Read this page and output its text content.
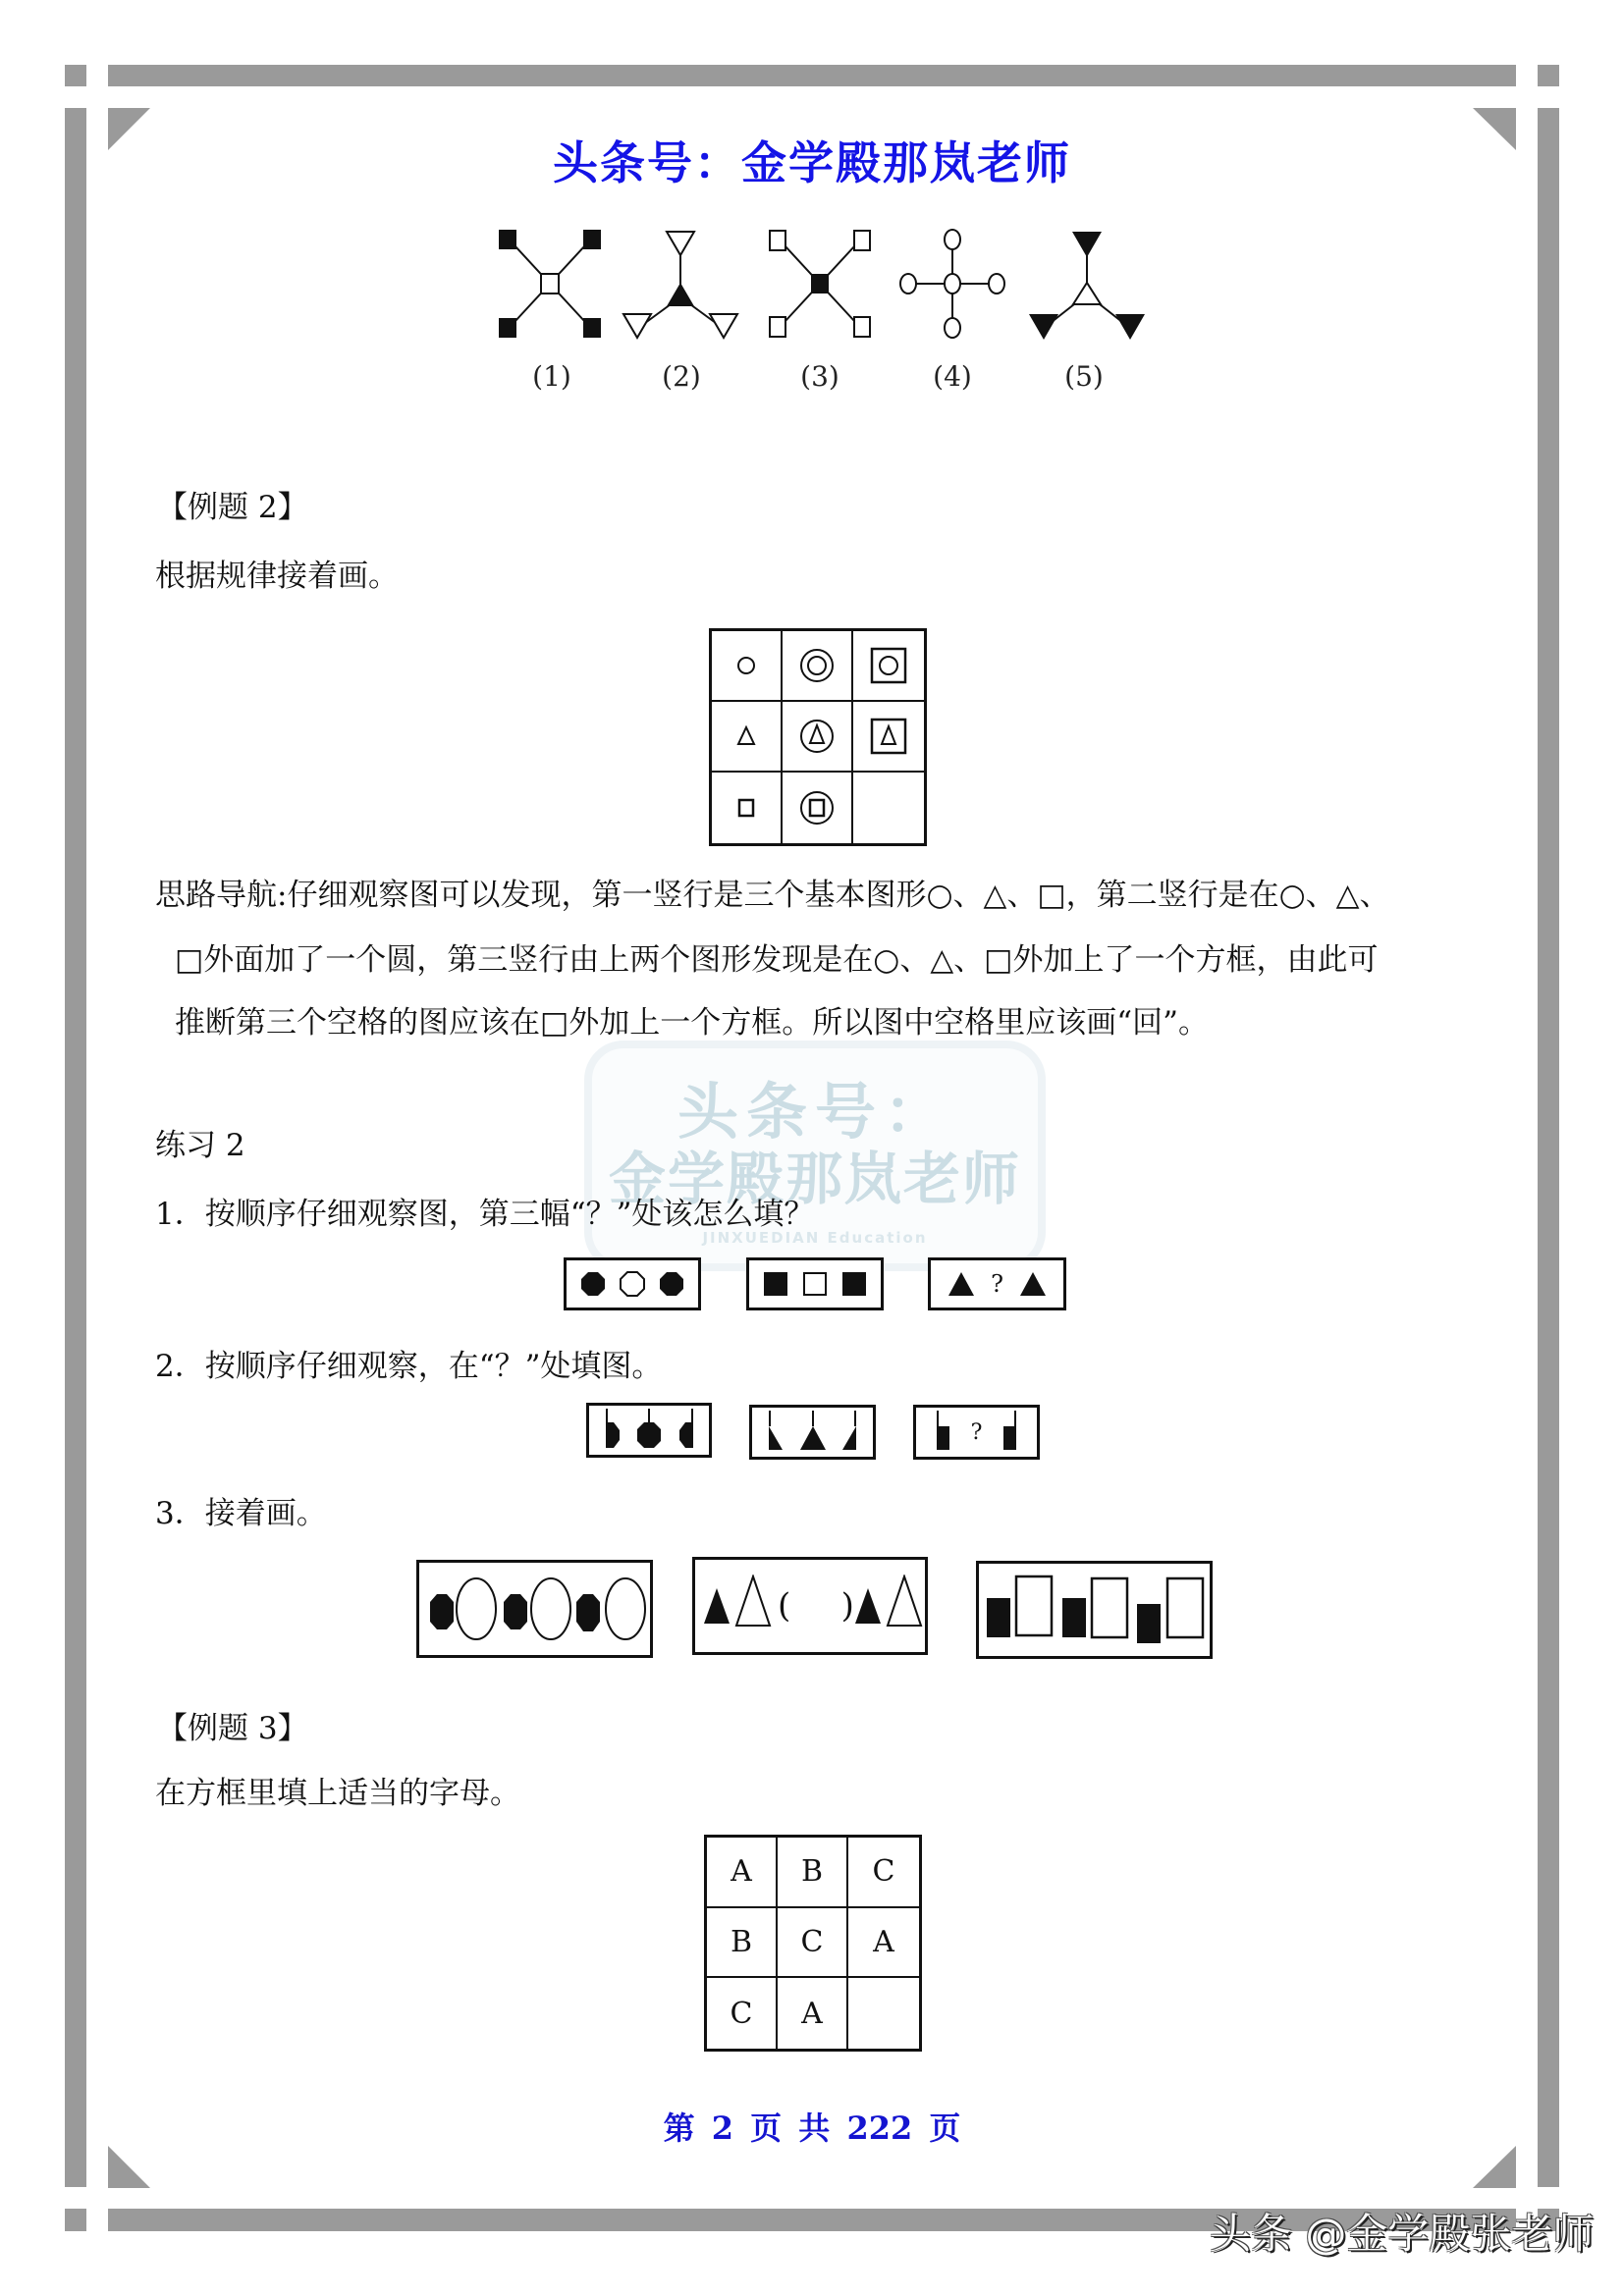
头条号：金学殿那岚老师
(1)	(2)	(3)	(4)	(5)
【例题 2】
根据规律接着画。
思路导航:仔细观察图可以发现，第一竖行是三个基本图形○、△、□，第二竖行是在○、△、
□外面加了一个圆，第三竖行由上两个图形发现是在○、△、□外加上了一个方框，由此可
推断第三个空格的图应该在□外加上一个方框。所以图中空格里应该画“回”。
头条号：
金学殿那岚老师
JINXUEDIAN Education
练习 2
1．按顺序仔细观察图，第三幅“？”处该怎么填？
?
2．按顺序仔细观察，在“？”处填图。
?
3．接着画。
( )
【例题 3】
在方框里填上适当的字母。
A	B	C
B	C	A
C	A
第 2 页 共 222 页
头条 @金学殿张老师
